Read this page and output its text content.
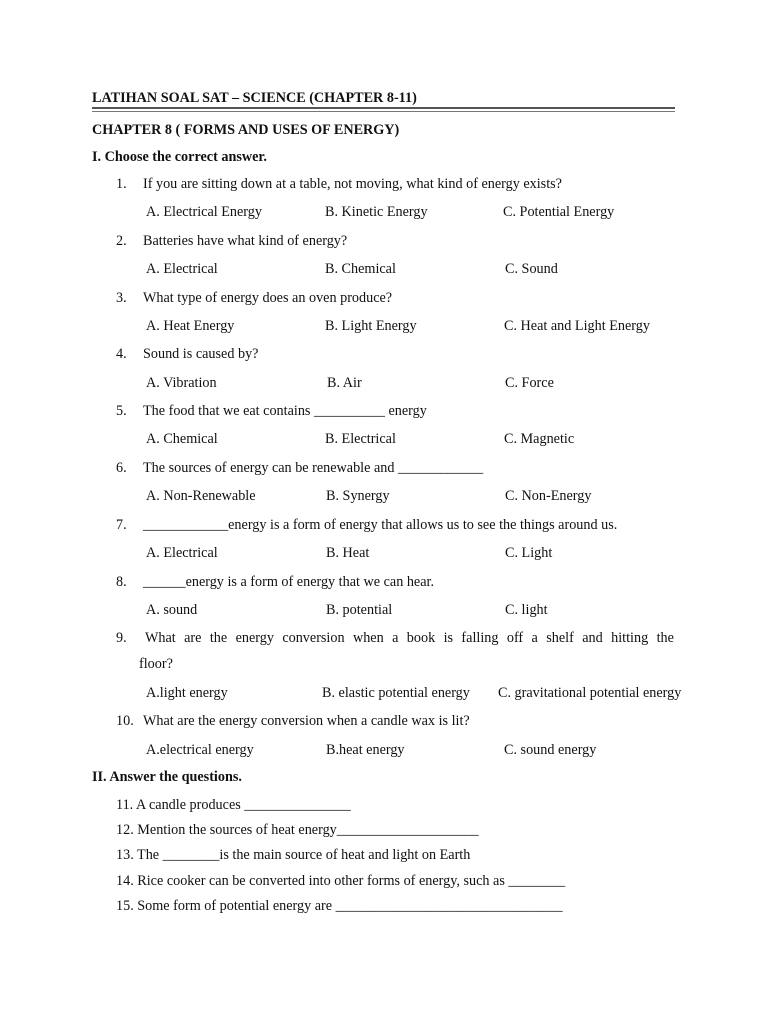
LATIHAN SOAL SAT – SCIENCE (CHAPTER 8-11)
CHAPTER 8 ( FORMS AND USES OF ENERGY)
I. Choose the correct answer.
1. If you are sitting down at a table, not moving, what kind of energy exists?
A. Electrical Energy	B. Kinetic Energy	C. Potential Energy
2. Batteries have what kind of energy?
A. Electrical	B. Chemical	C. Sound
3. What type of energy does an oven produce?
A. Heat Energy	B. Light Energy	C. Heat and Light Energy
4. Sound is caused by?
A. Vibration	B. Air	C. Force
5. The food that we eat contains __________ energy
A. Chemical	B. Electrical	C. Magnetic
6. The sources of energy can be renewable and ____________
A. Non-Renewable	B. Synergy	C. Non-Energy
7. ____________energy is a form of energy that allows us to see the things around us.
A. Electrical	B. Heat	C. Light
8. ______energy is a form of energy that we can hear.
A. sound	B. potential	C. light
9. What are the energy conversion when a book is falling off a shelf and hitting the
floor?
A.light energy	B. elastic potential energy C. gravitational potential energy
10. What are the energy conversion when a candle wax is lit?
A.electrical energy	B.heat energy	C. sound energy
II. Answer the questions.
11. A candle produces _______________
12. Mention the sources of heat energy____________________
13. The ________is the main source of heat and light on Earth
14. Rice cooker can be converted into other forms of energy, such as ________
15. Some form of potential energy are ________________________________
